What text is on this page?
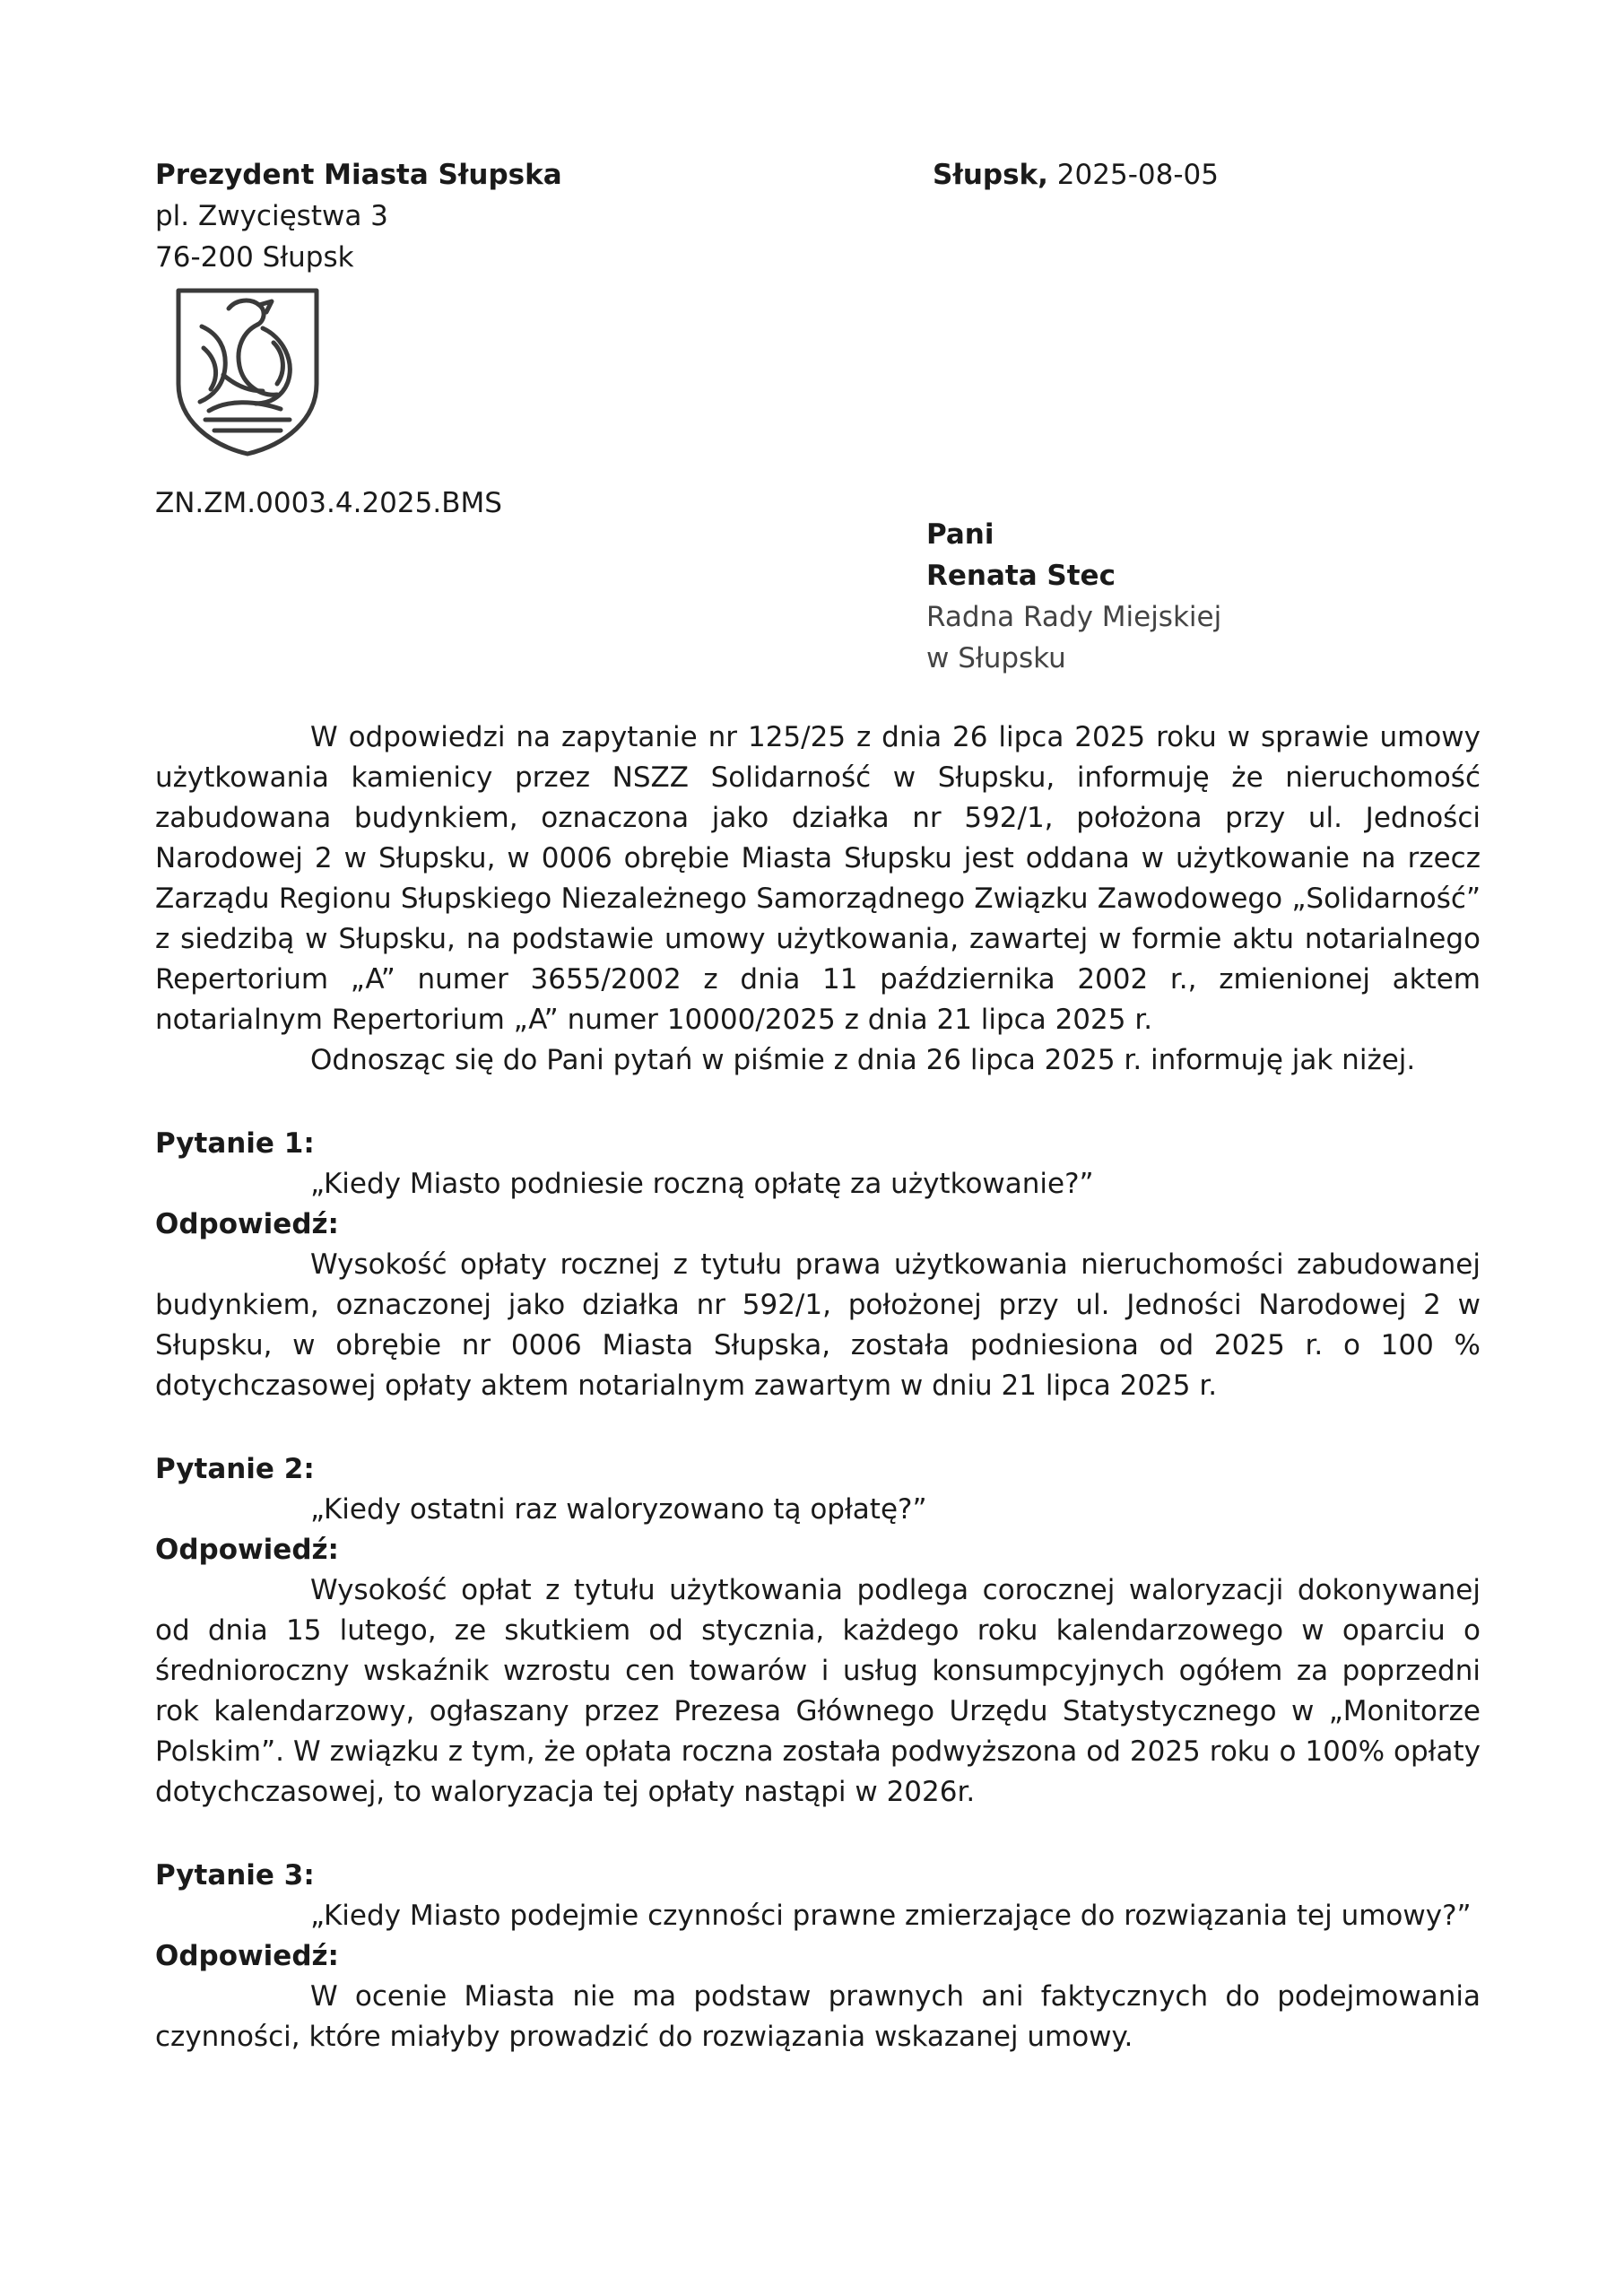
Prezydent Miasta Słupska
pl. Zwycięstwa 3
76-200 Słupsk
Słupsk, 2025-08-05
ZN.ZM.0003.4.2025.BMS
Pani
Renata Stec
Radna Rady Miejskiej
w Słupsku

W odpowiedzi na zapytanie nr 125/25 z dnia 26 lipca 2025 roku w sprawie umowy użytkowania kamienicy przez NSZZ Solidarność w Słupsku, informuję że nieruchomość zabudowana budynkiem, oznaczona jako działka nr 592/1, położona przy ul. Jedności Narodowej 2 w Słupsku, w 0006 obrębie Miasta Słupsku jest oddana w użytkowanie na rzecz Zarządu Regionu Słupskiego Niezależnego Samorządnego Związku Zawodowego „Solidarność” z siedzibą w Słupsku, na podstawie umowy użytkowania, zawartej w formie aktu notarialnego Repertorium „A” numer 3655/2002 z dnia 11 października 2002 r., zmienionej aktem notarialnym Repertorium „A” numer 10000/2025 z dnia 21 lipca 2025 r.

Odnosząc się do Pani pytań w piśmie z dnia 26 lipca 2025 r. informuję jak niżej.

Pytanie 1:

„Kiedy Miasto podniesie roczną opłatę za użytkowanie?”

Odpowiedź:

Wysokość opłaty rocznej z tytułu prawa użytkowania nieruchomości zabudowanej budynkiem, oznaczonej jako działka nr 592/1, położonej przy ul. Jedności Narodowej 2 w Słupsku, w obrębie nr 0006 Miasta Słupska, została podniesiona od 2025 r. o 100 % dotychczasowej opłaty aktem notarialnym zawartym w dniu 21 lipca 2025 r.

Pytanie 2:

„Kiedy ostatni raz waloryzowano tą opłatę?”

Odpowiedź:

Wysokość opłat z tytułu użytkowania podlega corocznej waloryzacji dokonywanej od dnia 15 lutego, ze skutkiem od stycznia, każdego roku kalendarzowego w oparciu o średnioroczny wskaźnik wzrostu cen towarów i usług konsumpcyjnych ogółem za poprzedni rok kalendarzowy, ogłaszany przez Prezesa Głównego Urzędu Statystycznego w „Monitorze Polskim”. W związku z tym, że opłata roczna została podwyższona od 2025 roku o 100% opłaty dotychczasowej, to waloryzacja tej opłaty nastąpi w 2026r.

Pytanie 3:

„Kiedy Miasto podejmie czynności prawne zmierzające do rozwiązania tej umowy?”

Odpowiedź:

W ocenie Miasta nie ma podstaw prawnych ani faktycznych do podejmowania czynności, które miałyby prowadzić do rozwiązania wskazanej umowy.
